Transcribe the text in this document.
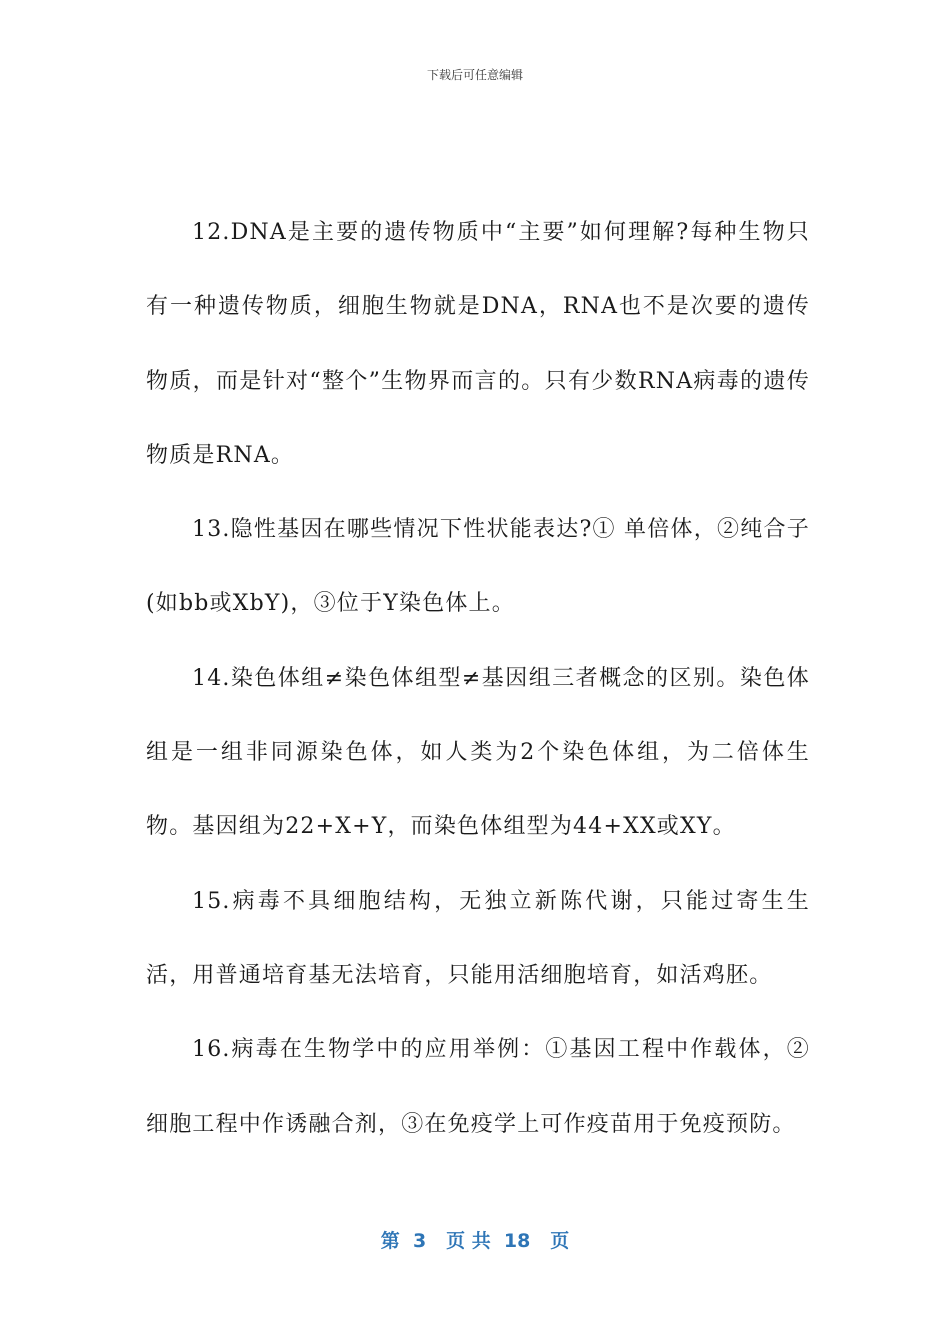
下载后可任意编辑

12.DNA是主要的遗传物质中“主要”如何理解?每种生物只有一种遗传物质，细胞生物就是DNA，RNA也不是次要的遗传物质，而是针对“整个”生物界而言的。只有少数RNA病毒的遗传物质是RNA。

13.隐性基因在哪些情况下性状能表达?① 单倍体，②纯合子(如bb或XbY)，③位于Y染色体上。

14.染色体组≠染色体组型≠基因组三者概念的区别。染色体组是一组非同源染色体，如人类为2个染色体组，为二倍体生物。基因组为22+X+Y，而染色体组型为44+XX或XY。

15.病毒不具细胞结构，无独立新陈代谢，只能过寄生生活，用普通培育基无法培育，只能用活细胞培育，如活鸡胚。

16.病毒在生物学中的应用举例：①基因工程中作载体，②细胞工程中作诱融合剂，③在免疫学上可作疫苗用于免疫预防。

第  3   页 共  18   页
